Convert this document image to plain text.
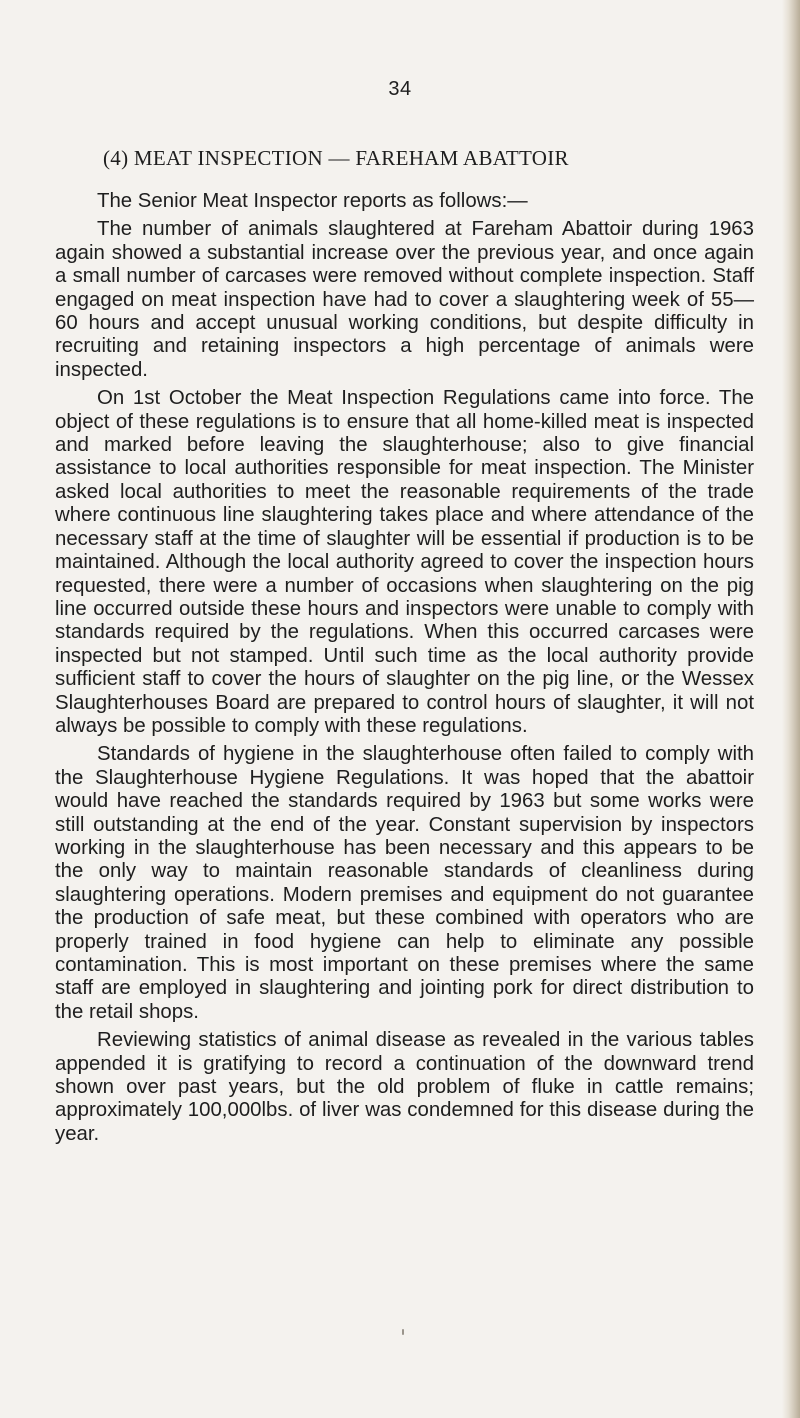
34
(4) MEAT INSPECTION — FAREHAM ABATTOIR

The Senior Meat Inspector reports as follows:—

The number of animals slaughtered at Fareham Abattoir during 1963 again showed a substantial increase over the previous year, and once again a small number of carcases were removed without complete inspection. Staff engaged on meat inspection have had to cover a slaughtering week of 55—60 hours and accept unusual working conditions, but despite difficulty in recruiting and retaining inspectors a high percentage of animals were inspected.

On 1st October the Meat Inspection Regulations came into force. The object of these regulations is to ensure that all home-killed meat is inspected and marked before leaving the slaughterhouse; also to give financial assistance to local authorities responsible for meat inspection. The Minister asked local authorities to meet the reasonable requirements of the trade where continuous line slaughtering takes place and where attendance of the necessary staff at the time of slaughter will be essential if production is to be maintained. Although the local authority agreed to cover the inspection hours requested, there were a number of occasions when slaughtering on the pig line occurred outside these hours and inspectors were unable to comply with standards required by the regulations. When this occurred carcases were inspected but not stamped. Until such time as the local authority provide sufficient staff to cover the hours of slaughter on the pig line, or the Wessex Slaughterhouses Board are prepared to control hours of slaughter, it will not always be possible to comply with these regulations.

Standards of hygiene in the slaughterhouse often failed to comply with the Slaughterhouse Hygiene Regulations. It was hoped that the abattoir would have reached the standards required by 1963 but some works were still outstanding at the end of the year. Constant supervision by inspectors working in the slaughterhouse has been necessary and this appears to be the only way to maintain reasonable standards of cleanliness during slaughtering operations. Modern premises and equipment do not guarantee the production of safe meat, but these combined with operators who are properly trained in food hygiene can help to eliminate any possible contamination. This is most important on these premises where the same staff are employed in slaughtering and jointing pork for direct distribution to the retail shops.

Reviewing statistics of animal disease as revealed in the various tables appended it is gratifying to record a continuation of the downward trend shown over past years, but the old problem of fluke in cattle remains; approximately 100,000lbs. of liver was condemned for this disease during the year.
